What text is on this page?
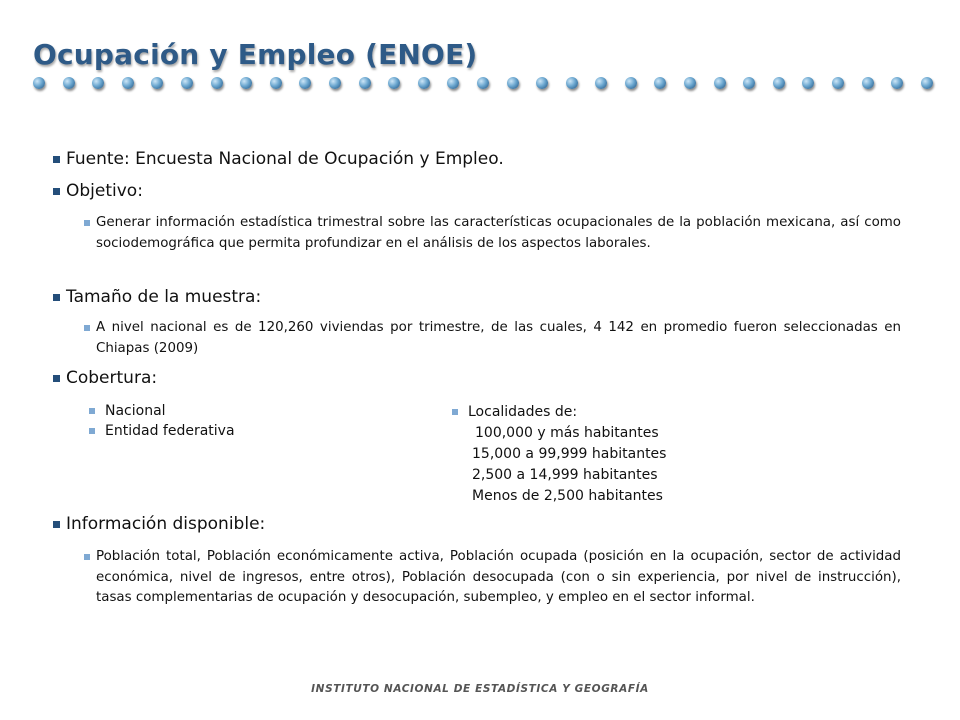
Ocupación y Empleo (ENOE)
Fuente: Encuesta Nacional de Ocupación y Empleo.
Objetivo:
Generar información estadística trimestral sobre las características ocupacionales de la población mexicana, así como sociodemográfica que permita profundizar en el análisis de los aspectos laborales.
Tamaño de la muestra:
A nivel nacional es de 120,260 viviendas por trimestre, de las cuales, 4 142 en promedio fueron seleccionadas en Chiapas (2009)
Cobertura:
Nacional
Entidad federativa
Localidades de:
100,000 y más habitantes
15,000 a 99,999 habitantes
2,500 a 14,999 habitantes
Menos de 2,500 habitantes
Información disponible:
Población total, Población económicamente activa, Población ocupada (posición en la ocupación, sector de actividad económica, nivel de ingresos, entre otros), Población desocupada (con o sin experiencia, por nivel de instrucción), tasas complementarias de ocupación y desocupación, subempleo, y empleo en el sector informal.
INSTITUTO NACIONAL DE ESTADÍSTICA Y GEOGRAFÍA
